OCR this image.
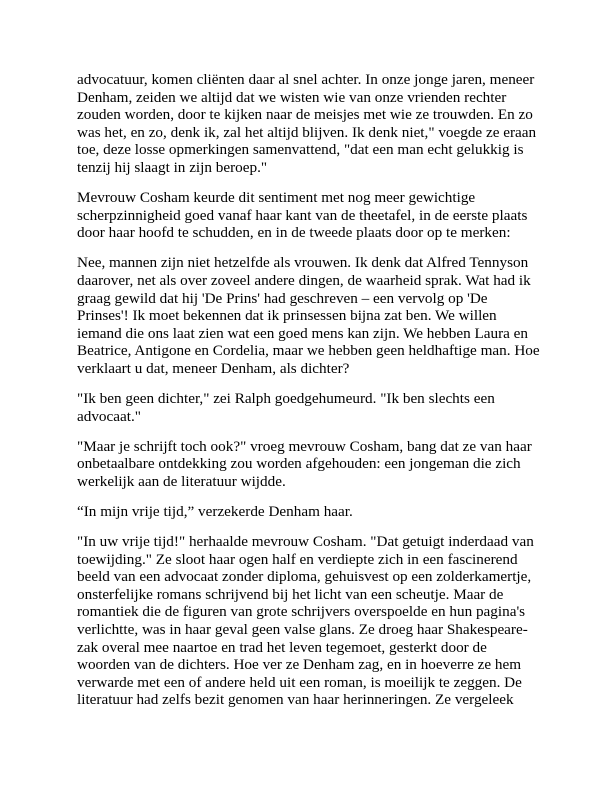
advocatuur, komen cliënten daar al snel achter. In onze jonge jaren, meneer
Denham, zeiden we altijd dat we wisten wie van onze vrienden rechter
zouden worden, door te kijken naar de meisjes met wie ze trouwden. En zo
was het, en zo, denk ik, zal het altijd blijven. Ik denk niet," voegde ze eraan
toe, deze losse opmerkingen samenvattend, "dat een man echt gelukkig is
tenzij hij slaagt in zijn beroep."

Mevrouw Cosham keurde dit sentiment met nog meer gewichtige
scherpzinnigheid goed vanaf haar kant van de theetafel, in de eerste plaats
door haar hoofd te schudden, en in de tweede plaats door op te merken:

Nee, mannen zijn niet hetzelfde als vrouwen. Ik denk dat Alfred Tennyson
daarover, net als over zoveel andere dingen, de waarheid sprak. Wat had ik
graag gewild dat hij 'De Prins' had geschreven – een vervolg op 'De
Prinses'! Ik moet bekennen dat ik prinsessen bijna zat ben. We willen
iemand die ons laat zien wat een goed mens kan zijn. We hebben Laura en
Beatrice, Antigone en Cordelia, maar we hebben geen heldhaftige man. Hoe
verklaart u dat, meneer Denham, als dichter?

"Ik ben geen dichter," zei Ralph goedgehumeurd. "Ik ben slechts een
advocaat."

"Maar je schrijft toch ook?" vroeg mevrouw Cosham, bang dat ze van haar
onbetaalbare ontdekking zou worden afgehouden: een jongeman die zich
werkelijk aan de literatuur wijdde.

“In mijn vrije tijd,” verzekerde Denham haar.

"In uw vrije tijd!" herhaalde mevrouw Cosham. "Dat getuigt inderdaad van
toewijding." Ze sloot haar ogen half en verdiepte zich in een fascinerend
beeld van een advocaat zonder diploma, gehuisvest op een zolderkamertje,
onsterfelijke romans schrijvend bij het licht van een scheutje. Maar de
romantiek die de figuren van grote schrijvers overspoelde en hun pagina's
verlichtte, was in haar geval geen valse glans. Ze droeg haar Shakespeare-
zak overal mee naartoe en trad het leven tegemoet, gesterkt door de
woorden van de dichters. Hoe ver ze Denham zag, en in hoeverre ze hem
verwarde met een of andere held uit een roman, is moeilijk te zeggen. De
literatuur had zelfs bezit genomen van haar herinneringen. Ze vergeleek
